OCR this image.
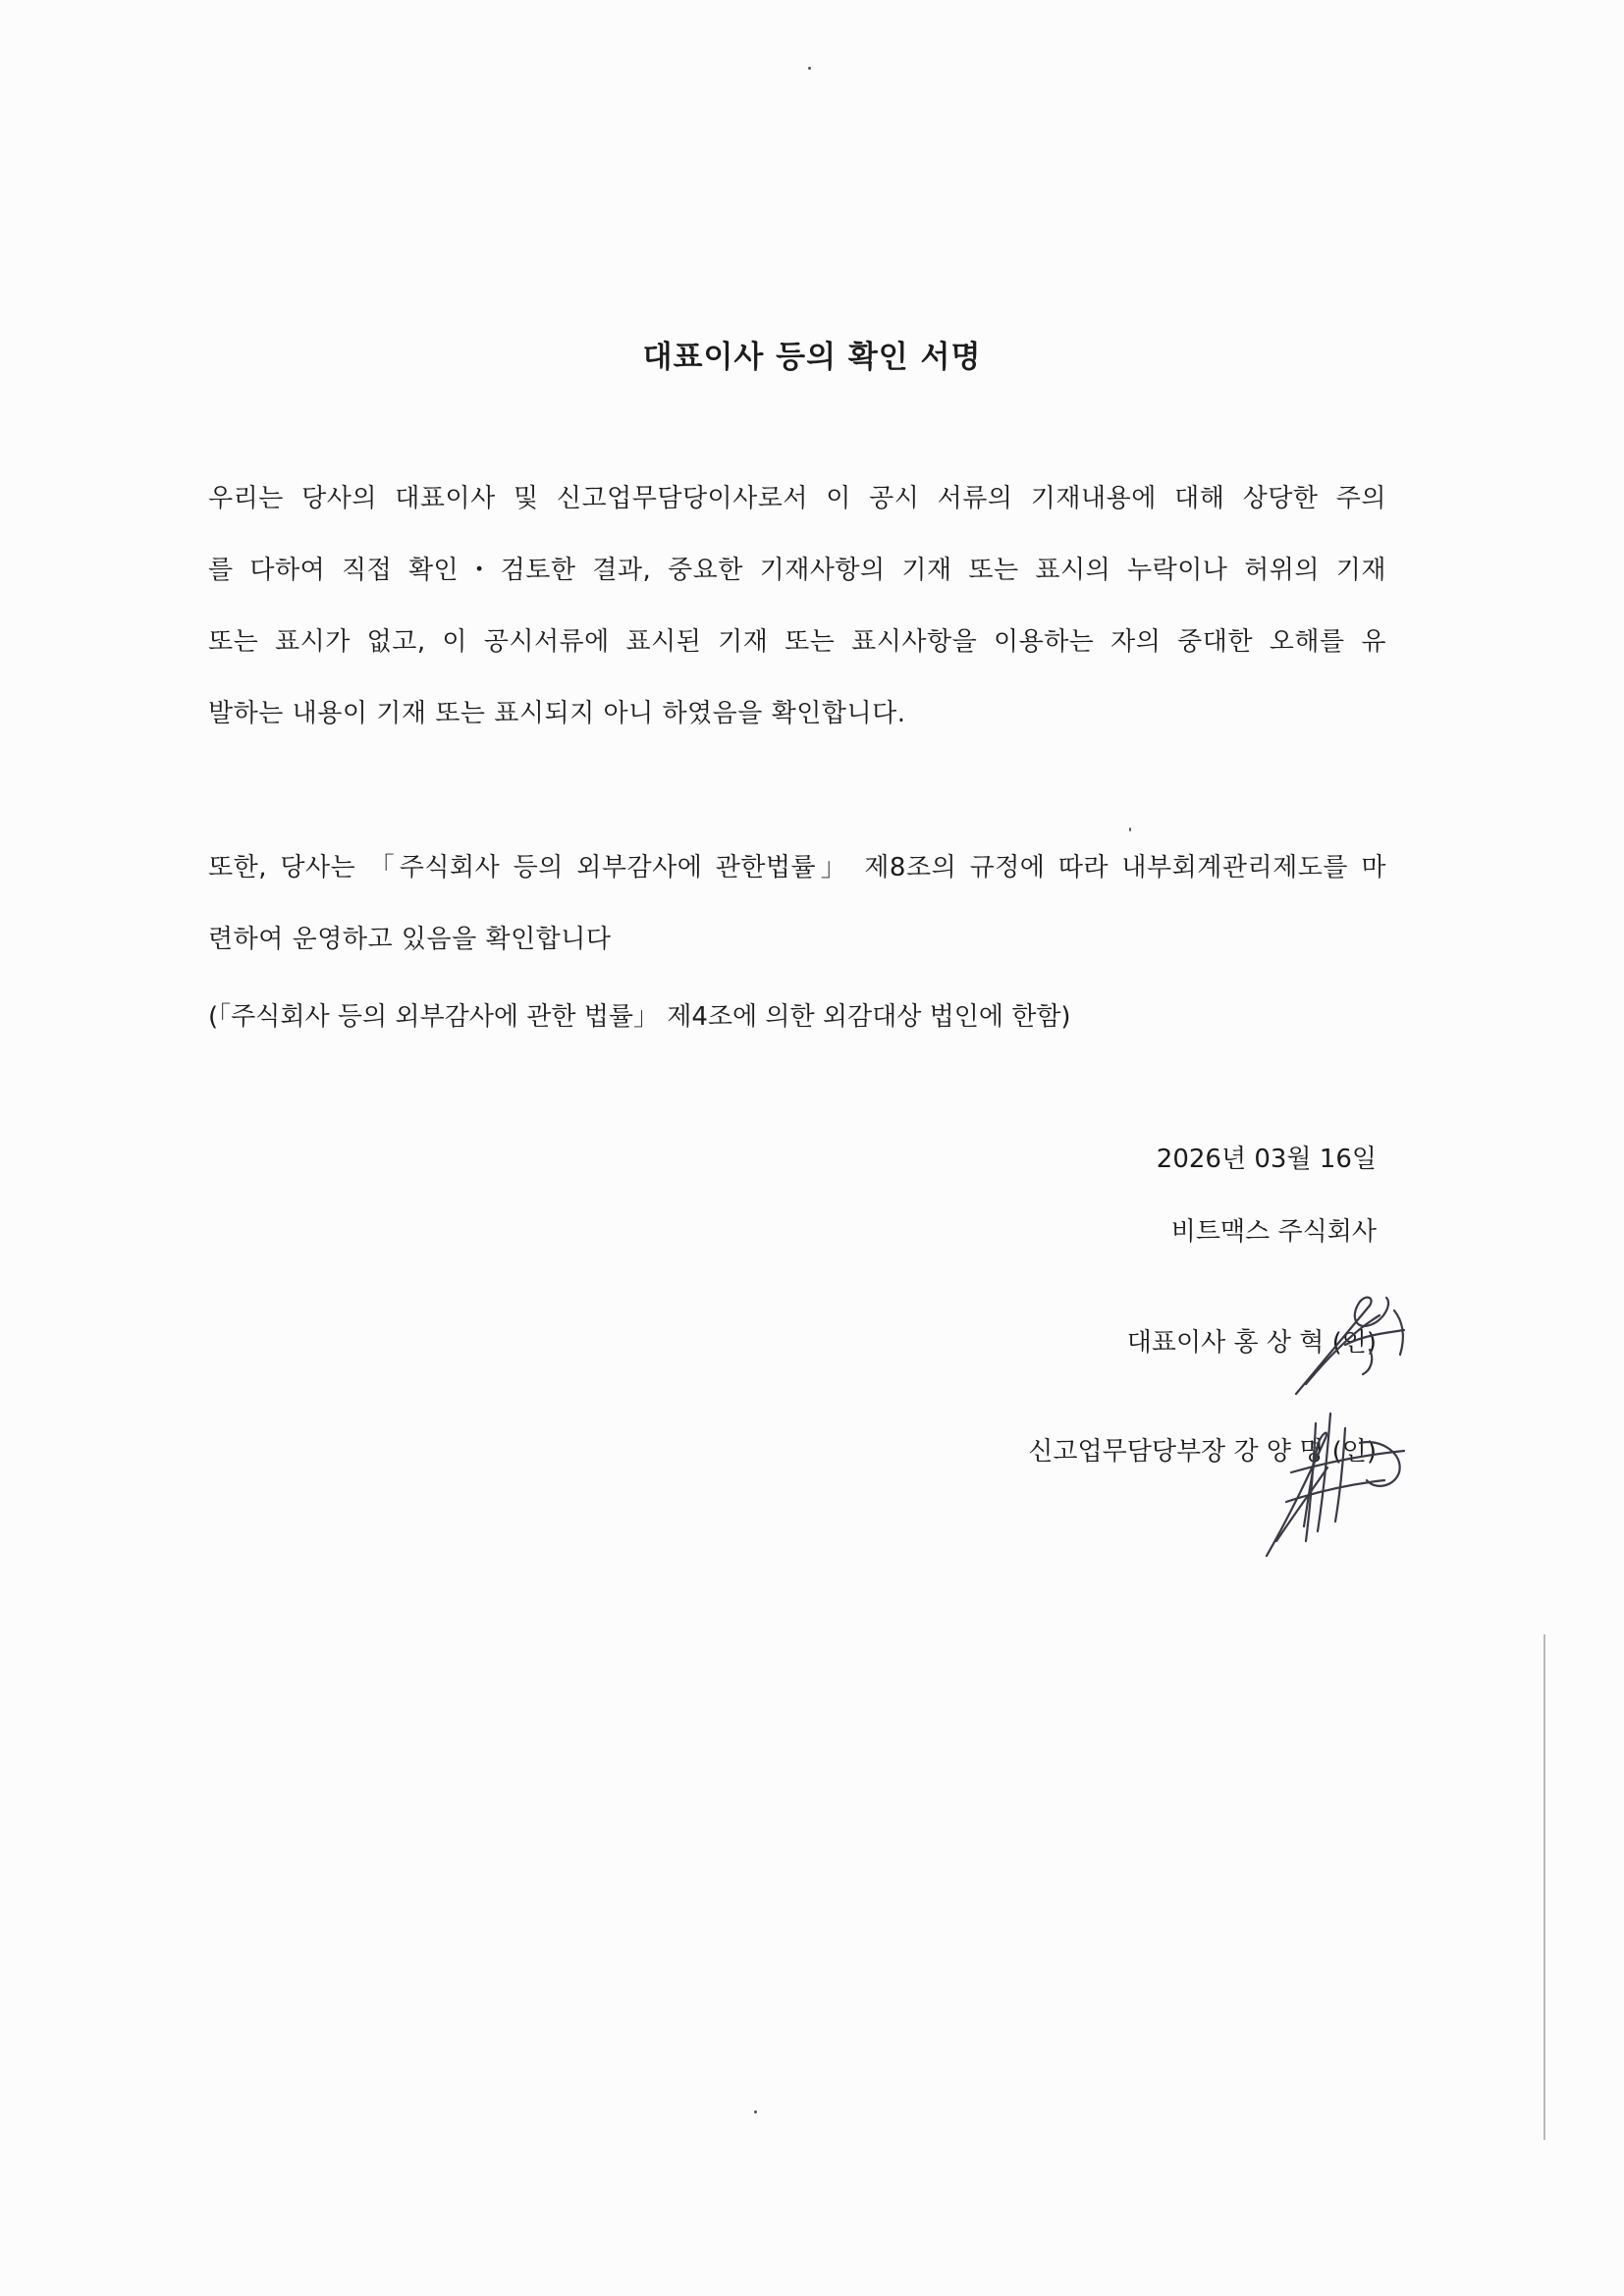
대표이사 등의 확인 서명
우리는 당사의 대표이사 및 신고업무담당이사로서 이 공시 서류의 기재내용에 대해 상당한 주의
를 다하여 직접 확인・검토한 결과, 중요한 기재사항의 기재 또는 표시의 누락이나 허위의 기재
또는 표시가 없고, 이 공시서류에 표시된 기재 또는 표시사항을 이용하는 자의 중대한 오해를 유
발하는 내용이 기재 또는 표시되지 아니 하였음을 확인합니다.
또한, 당사는 「주식회사 등의 외부감사에 관한법률」 제8조의 규정에 따라 내부회계관리제도를 마
련하여 운영하고 있음을 확인합니다
(「주식회사 등의 외부감사에 관한 법률」 제4조에 의한 외감대상 법인에 한함)
2026년 03월 16일
비트맥스 주식회사
대표이사 홍 상 혁 (인)
신고업무담당부장 강 양 명 (인)
